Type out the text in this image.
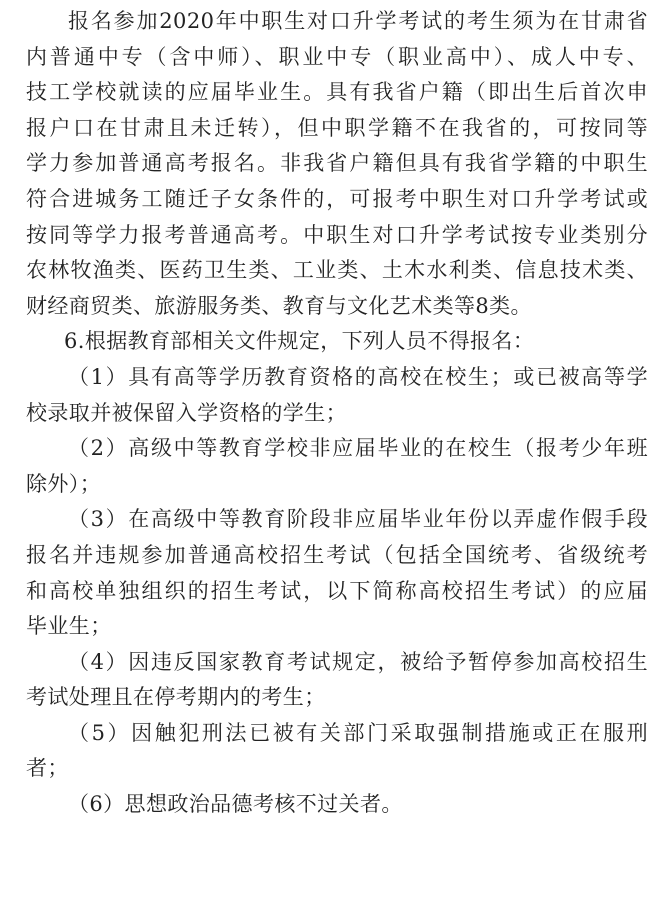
报名参加2020年中职生对口升学考试的考生须为在甘肃省
内普通中专（含中师）、职业中专（职业高中）、成人中专、
技工学校就读的应届毕业生。具有我省户籍（即出生后首次申
报户口在甘肃且未迁转），但中职学籍不在我省的，可按同等
学力参加普通高考报名。非我省户籍但具有我省学籍的中职生
符合进城务工随迁子女条件的，可报考中职生对口升学考试或
按同等学力报考普通高考。中职生对口升学考试按专业类别分
农林牧渔类、医药卫生类、工业类、土木水利类、信息技术类、
财经商贸类、旅游服务类、教育与文化艺术类等8类。
6.根据教育部相关文件规定，下列人员不得报名：
（1）具有高等学历教育资格的高校在校生；或已被高等学
校录取并被保留入学资格的学生；
（2）高级中等教育学校非应届毕业的在校生（报考少年班
除外）；
（3）在高级中等教育阶段非应届毕业年份以弄虚作假手段
报名并违规参加普通高校招生考试（包括全国统考、省级统考
和高校单独组织的招生考试，以下简称高校招生考试）的应届
毕业生；
（4）因违反国家教育考试规定，被给予暂停参加高校招生
考试处理且在停考期内的考生；
（5）因触犯刑法已被有关部门采取强制措施或正在服刑
者；
（6）思想政治品德考核不过关者。
